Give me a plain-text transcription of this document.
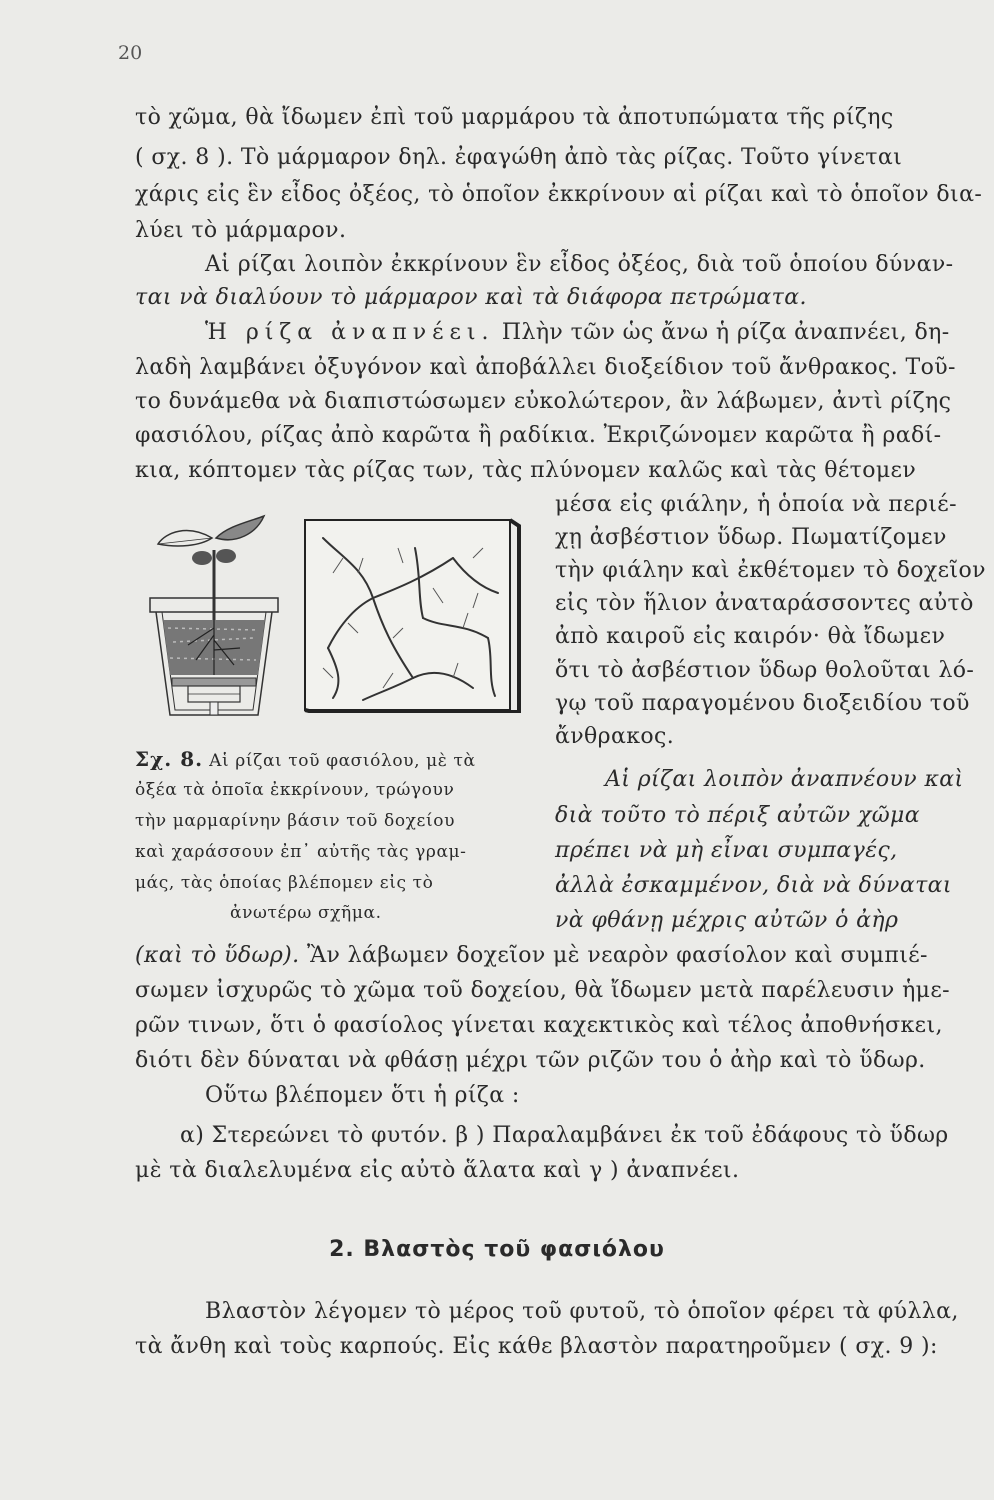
20
τὸ χῶμα, θὰ ἴδωμεν ἐπὶ τοῦ μαρμάρου τὰ ἀποτυπώματα τῆς ρίζης
( σχ. 8 ). Τὸ μάρμαρον δηλ. ἐφαγώθη ἀπὸ τὰς ρίζας. Τοῦτο γίνεται
χάρις εἰς ἓν εἶδος ὀξέος, τὸ ὁποῖον ἐκκρίνουν αἱ ρίζαι καὶ τὸ ὁποῖον δια-
λύει τὸ μάρμαρον.
Αἱ ρίζαι λοιπὸν ἐκκρίνουν ἓν εἶδος ὀξέος, διὰ τοῦ ὁποίου δύναν-
ται νὰ διαλύουν τὸ μάρμαρον καὶ τὰ διάφορα πετρώματα.
Ἡ ρίζα ἀναπνέει. Πλὴν τῶν ὡς ἄνω ἡ ρίζα ἀναπνέει, δη-
λαδὴ λαμβάνει ὀξυγόνον καὶ ἀποβάλλει διοξείδιον τοῦ ἄνθρακος. Τοῦ-
το δυνάμεθα νὰ διαπιστώσωμεν εὐκολώτερον, ἂν λάβωμεν, ἀντὶ ρίζης
φασιόλου, ρίζας ἀπὸ καρῶτα ἢ ραδίκια. Ἐκριζώνομεν καρῶτα ἢ ραδί-
κια, κόπτομεν τὰς ρίζας των, τὰς πλύνομεν καλῶς καὶ τὰς θέτομεν
μέσα εἰς φιάλην, ἡ ὁποία νὰ περιέ-
χῃ ἀσβέστιον ὕδωρ. Πωματίζομεν
τὴν φιάλην καὶ ἐκθέτομεν τὸ δοχεῖον
εἰς τὸν ἥλιον ἀναταράσσοντες αὐτὸ
ἀπὸ καιροῦ εἰς καιρόν· θὰ ἴδωμεν
ὅτι τὸ ἀσβέστιον ὕδωρ θολοῦται λό-
γῳ τοῦ παραγομένου διοξειδίου τοῦ
ἄνθρακος.
Αἱ ρίζαι λοιπὸν ἀναπνέουν καὶ
διὰ τοῦτο τὸ πέριξ αὐτῶν χῶμα
πρέπει νὰ μὴ εἶναι συμπαγές,
ἀλλὰ ἐσκαμμένον, διὰ νὰ δύναται
νὰ φθάνῃ μέχρις αὐτῶν ὁ ἀὴρ
(καὶ τὸ ὕδωρ). Ἂν λάβωμεν δοχεῖον μὲ νεαρὸν φασίολον καὶ συμπιέ-
σωμεν ἰσχυρῶς τὸ χῶμα τοῦ δοχείου, θὰ ἴδωμεν μετὰ παρέλευσιν ἡμε-
ρῶν τινων, ὅτι ὁ φασίολος γίνεται καχεκτικὸς καὶ τέλος ἀποθνήσκει,
διότι δὲν δύναται νὰ φθάσῃ μέχρι τῶν ριζῶν του ὁ ἀὴρ καὶ τὸ ὕδωρ.
Οὕτω βλέπομεν ὅτι ἡ ρίζα :
α) Στερεώνει τὸ φυτόν. β ) Παραλαμβάνει ἐκ τοῦ ἐδάφους τὸ ὕδωρ
μὲ τὰ διαλελυμένα εἰς αὐτὸ ἅλατα καὶ γ ) ἀναπνέει.
2. Βλαστὸς τοῦ φασιόλου
Βλαστὸν λέγομεν τὸ μέρος τοῦ φυτοῦ, τὸ ὁποῖον φέρει τὰ φύλλα,
τὰ ἄνθη καὶ τοὺς καρπούς. Εἰς κάθε βλαστὸν παρατηροῦμεν ( σχ. 9 ):
Σχ. 8. Αἱ ρίζαι τοῦ φασιόλου, μὲ τὰ
ὀξέα τὰ ὁποῖα ἐκκρίνουν, τρώγουν
τὴν μαρμαρίνην βάσιν τοῦ δοχείου
καὶ χαράσσουν ἐπ᾽ αὐτῆς τὰς γραμ-
μάς, τὰς ὁποίας βλέπομεν εἰς τὸ
ἀνωτέρω σχῆμα.
